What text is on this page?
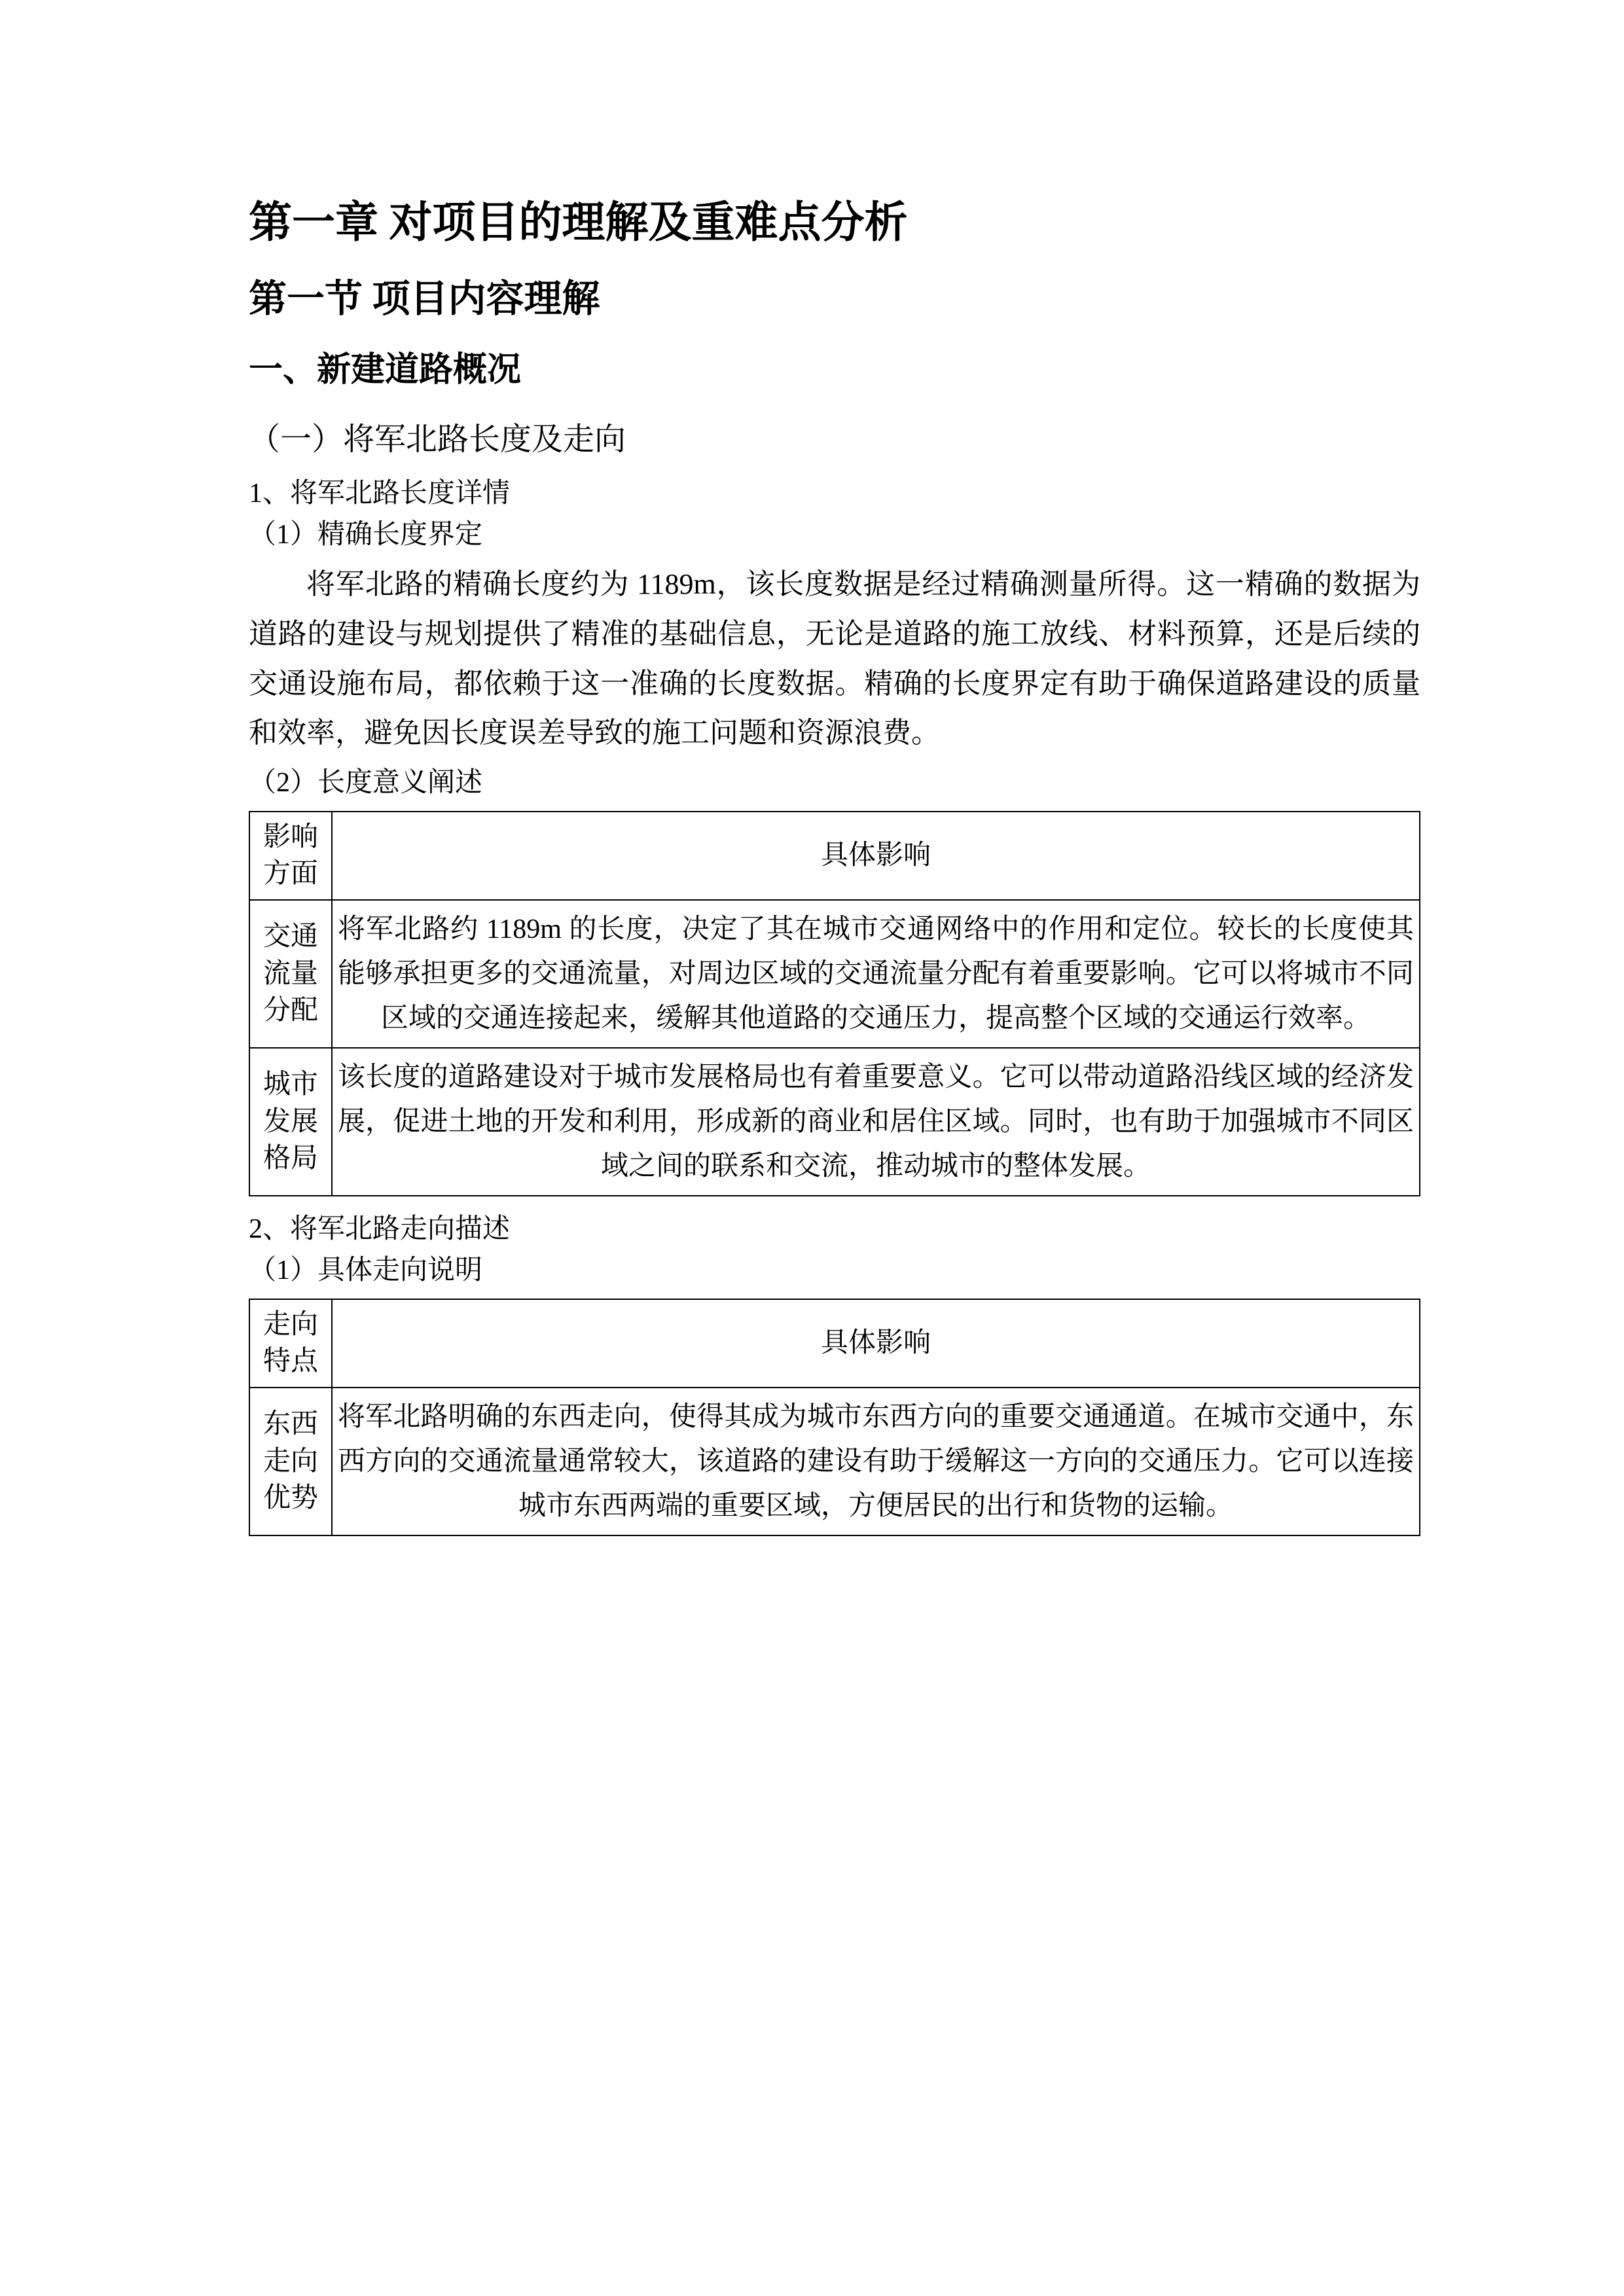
第一章 对项目的理解及重难点分析
第一节 项目内容理解
一、新建道路概况
（一）将军北路长度及走向

1、将军北路长度详情

（1）精确长度界定

将军北路的精确长度约为 1189m，该长度数据是经过精确测量所得。这一精确的数据为道路的建设与规划提供了精准的基础信息，无论是道路的施工放线、材料预算，还是后续的交通设施布局，都依赖于这一准确的长度数据。精确的长度界定有助于确保道路建设的质量和效率，避免因长度误差导致的施工问题和资源浪费。

（2）长度意义阐述

影响方面	具体影响
交通流量分配	将军北路约 1189m 的长度，决定了其在城市交通网络中的作用和定位。较长的长度使其能够承担更多的交通流量，对周边区域的交通流量分配有着重要影响。它可以将城市不同区域的交通连接起来，缓解其他道路的交通压力，提高整个区域的交通运行效率。
城市发展格局	该长度的道路建设对于城市发展格局也有着重要意义。它可以带动道路沿线区域的经济发展，促进土地的开发和利用，形成新的商业和居住区域。同时，也有助于加强城市不同区域之间的联系和交流，推动城市的整体发展。

2、将军北路走向描述

（1）具体走向说明

走向特点	具体影响
东西走向优势	将军北路明确的东西走向，使得其成为城市东西方向的重要交通通道。在城市交通中，东西方向的交通流量通常较大，该道路的建设有助于缓解这一方向的交通压力。它可以连接城市东西两端的重要区域，方便居民的出行和货物的运输。
